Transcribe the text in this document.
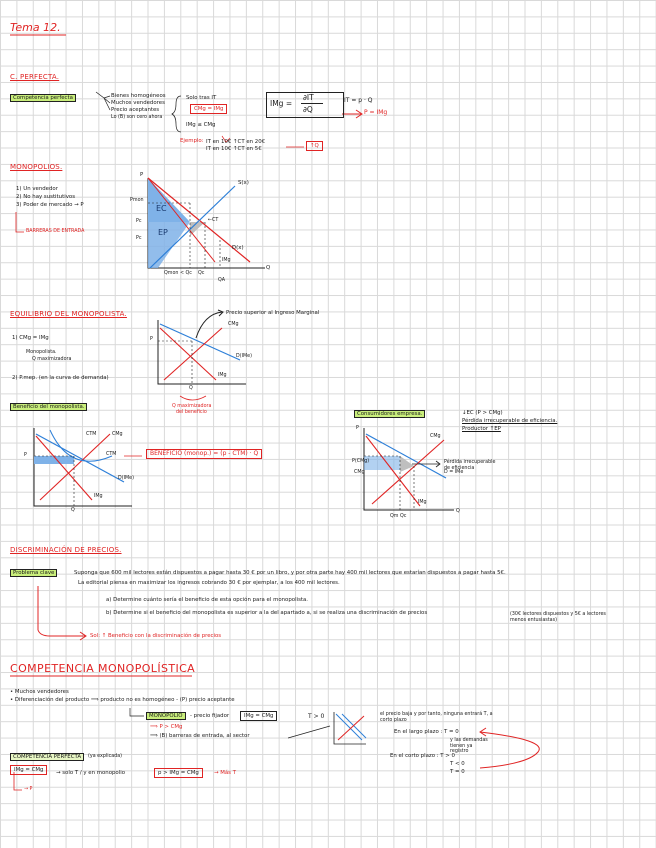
Tema 12.
C. PERFECTA.
Competencia perfecta	Bienes homogéneos
Muchos vendedores
Precio aceptantes
Lo (B) son cero ahora
Solo tras IT
CMg = IMg
IMg ≤ CMg
Ejemplo: IT en 10€ ↑CT en 20€
IT en 10€ ↑CT en 5€	↑Q
IMg =
∂IT
∂Q
IT = p · Q
P = IMg
MONOPOLIOS.
1) Un vendedor
2) No hay sustitutivos
3) Poder de mercado → P
BARRERAS DE ENTRADA
P
Q
Pmon
Pc
Pc
EC
EP
S(x)
D(x)
IMg
←CT
Qmon < Qc Qc
QA
EQUILIBRIO DEL MONOPOLISTA.
1) CMg = IMg
Monopolista.
Q maximizadora
2) P.mep. (en la curva de demanda)
Precio superior al Ingreso Marginal
CMg
D(IMe)
IMg
P
Q
Q maximizadora
del beneficio
Beneficio del monopolista.
BENEFICIO (monop.) = (p - CTM) · Q
CTM	CMg
CTM
D(IMe)
IMg
P
Q
Consumidores empresa.	↓EC (P > CMg)
Pérdida irrecuperable de eficiencia.
Productor ↑EP
P
P(CMg)
CMg
CMg
D = IMe
IMg
Q
Qm Qc
Pérdida irrecuperable de eficiencia
DISCRIMINACIÓN DE PRECIOS.
Problema clave	Suponga que 600 mil lectores están dispuestos a pagar hasta 30 € por un libro, y por otra parte hay 400 mil lectores que estarían dispuestos a pagar hasta 5€.
La editorial piensa en maximizar los ingresos cobrando 30 € por ejemplar, a los 400 mil lectores.
a) Determine cuánto sería el beneficio de esta opción para el monopolista.
b) Determine si el beneficio del monopolista es superior a la del apartado a, si se realiza una discriminación de precios	(30€ lectores dispuestos y 5€ a lectores menos entusiastas)
Sol: ↑ Beneficio con la discriminación de precios
COMPETENCIA MONOPOLÍSTICA
• Muchos vendedores
• Diferenciación del producto ⟹ producto no es homogéneo - (P) precio aceptante
MONOPOLIO	- precio fijador	IMg = CMg
⟹ P > CMg
⟹ (B) barreras de entrada, al sector
T > 0	el precio baja y por tanto, ninguna entrará T, a corto plazo
En el largo plazo : T = 0
y las demandas tienen ya registro
En el corto plazo : T > 0
T < 0
T = 0
COMPETENCIA PERFECTA	(ya explicada)
IMg = CMg	→ solo T / y en monopolio	p > IMg = CMg	→ Más T
→ P
